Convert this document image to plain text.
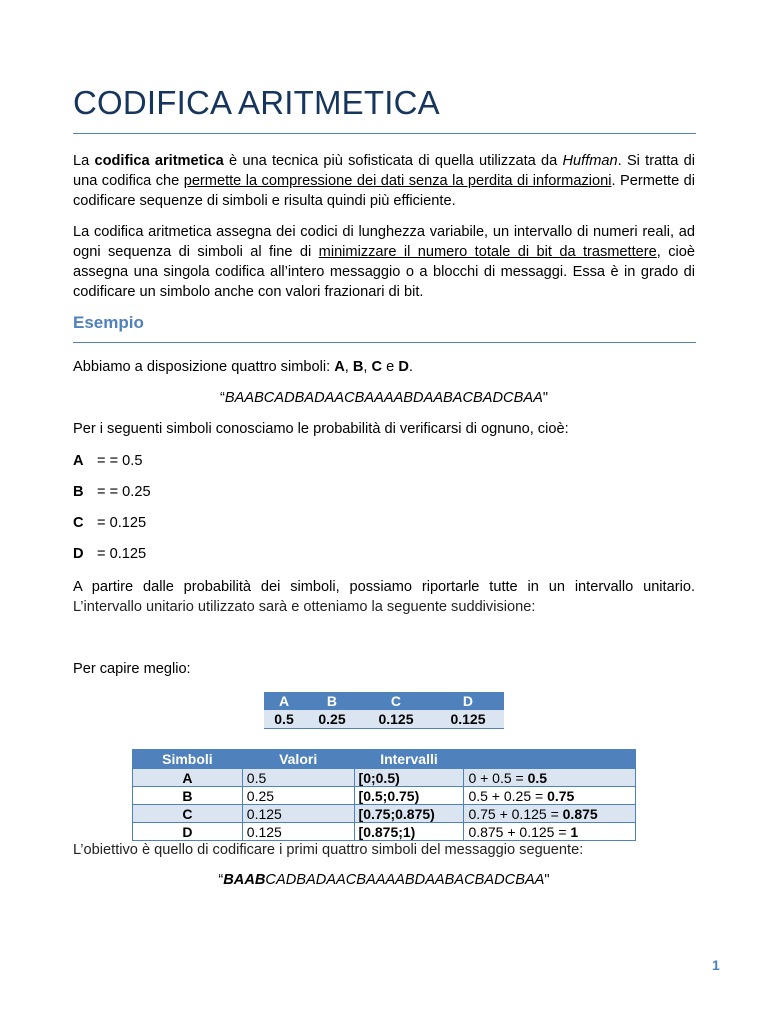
CODIFICA ARITMETICA

La codifica aritmetica è una tecnica più sofisticata di quella utilizzata da Huffman. Si tratta di una codifica che permette la compressione dei dati senza la perdita di informazioni. Permette di codificare sequenze di simboli e risulta quindi più efficiente.

La codifica aritmetica assegna dei codici di lunghezza variabile, un intervallo di numeri reali, ad ogni sequenza di simboli al fine di minimizzare il numero totale di bit da trasmettere, cioè assegna una singola codifica all’intero messaggio o a blocchi di messaggi. Essa è in grado di codificare un simbolo anche con valori frazionari di bit.

Esempio

Abbiamo a disposizione quattro simboli: A, B, C e D.

“BAABCADBADAACBAAAABDAABACBADCBAA"

Per i seguenti simboli conosciamo le probabilità di verificarsi di ognuno, cioè:

A = = 0.5

B = = 0.25

C = 0.125

D = 0.125

A partire dalle probabilità dei simboli, possiamo riportarle tutte in un intervallo unitario.

L’intervallo unitario utilizzato sarà e otteniamo la seguente suddivisione:

Per capire meglio:

A	B	C	D
0.5	0.25	0.125	0.125
Simboli	Valori	Intervalli	
A	0.5	[0;0.5)	0 + 0.5 = 0.5
B	0.25	[0.5;0.75)	0.5 + 0.25 = 0.75
C	0.125	[0.75;0.875)	0.75 + 0.125 = 0.875
D	0.125	[0.875;1)	0.875 + 0.125 = 1

L’obiettivo è quello di codificare i primi quattro simboli del messaggio seguente:

“BAABCADBADAACBAAAABDAABACBADCBAA"

1
